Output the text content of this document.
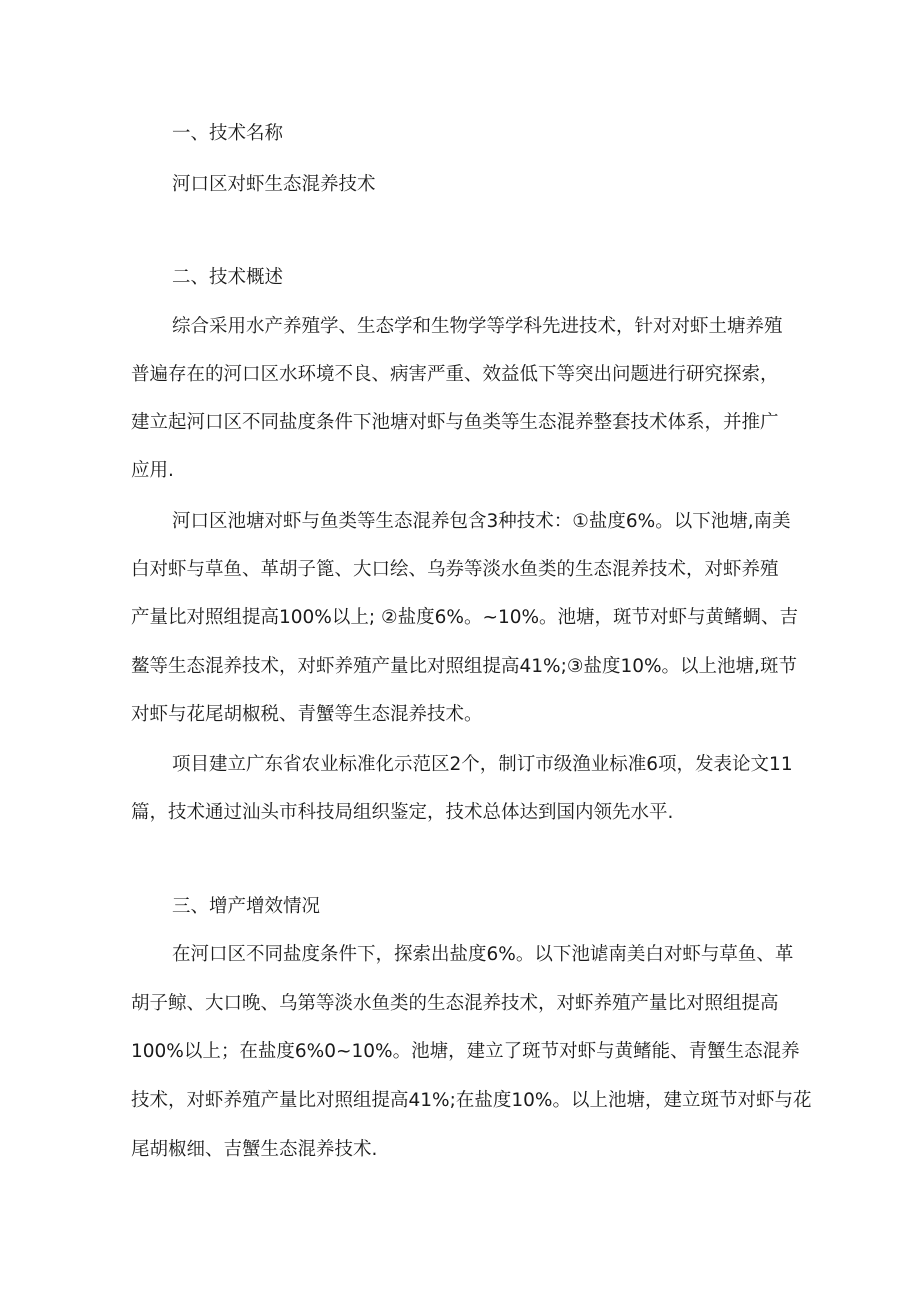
一、技术名称
河口区对虾生态混养技术
二、技术概述
综合采用水产养殖学、生态学和生物学等学科先进技术，针对对虾土塘养殖
普遍存在的河口区水环境不良、病害严重、效益低下等突出问题进行研究探索，
建立起河口区不同盐度条件下池塘对虾与鱼类等生态混养整套技术体系，并推广
应用.
河口区池塘对虾与鱼类等生态混养包含3种技术：①盐度6%。以下池塘,南美
白对虾与草鱼、革胡子篦、大口绘、乌券等淡水鱼类的生态混养技术，对虾养殖
产量比对照组提高100%以上; ②盐度6%。~10%。池塘，斑节对虾与黄鳍蜩、吉
鳌等生态混养技术，对虾养殖产量比对照组提高41%;③盐度10%。以上池塘,斑节
对虾与花尾胡椒税、青蟹等生态混养技术。
项目建立广东省农业标准化示范区2个，制订市级渔业标准6项，发表论文11
篇，技术通过汕头市科技局组织鉴定，技术总体达到国内领先水平.
三、增产增效情况
在河口区不同盐度条件下，探索出盐度6%。以下池谑南美白对虾与草鱼、革
胡子鲸、大口晚、乌第等淡水鱼类的生态混养技术，对虾养殖产量比对照组提高
100%以上；在盐度6%0~10%。池塘，建立了斑节对虾与黄鳍能、青蟹生态混养
技术，对虾养殖产量比对照组提高41%;在盐度10%。以上池塘，建立斑节对虾与花
尾胡椒细、吉蟹生态混养技术.
